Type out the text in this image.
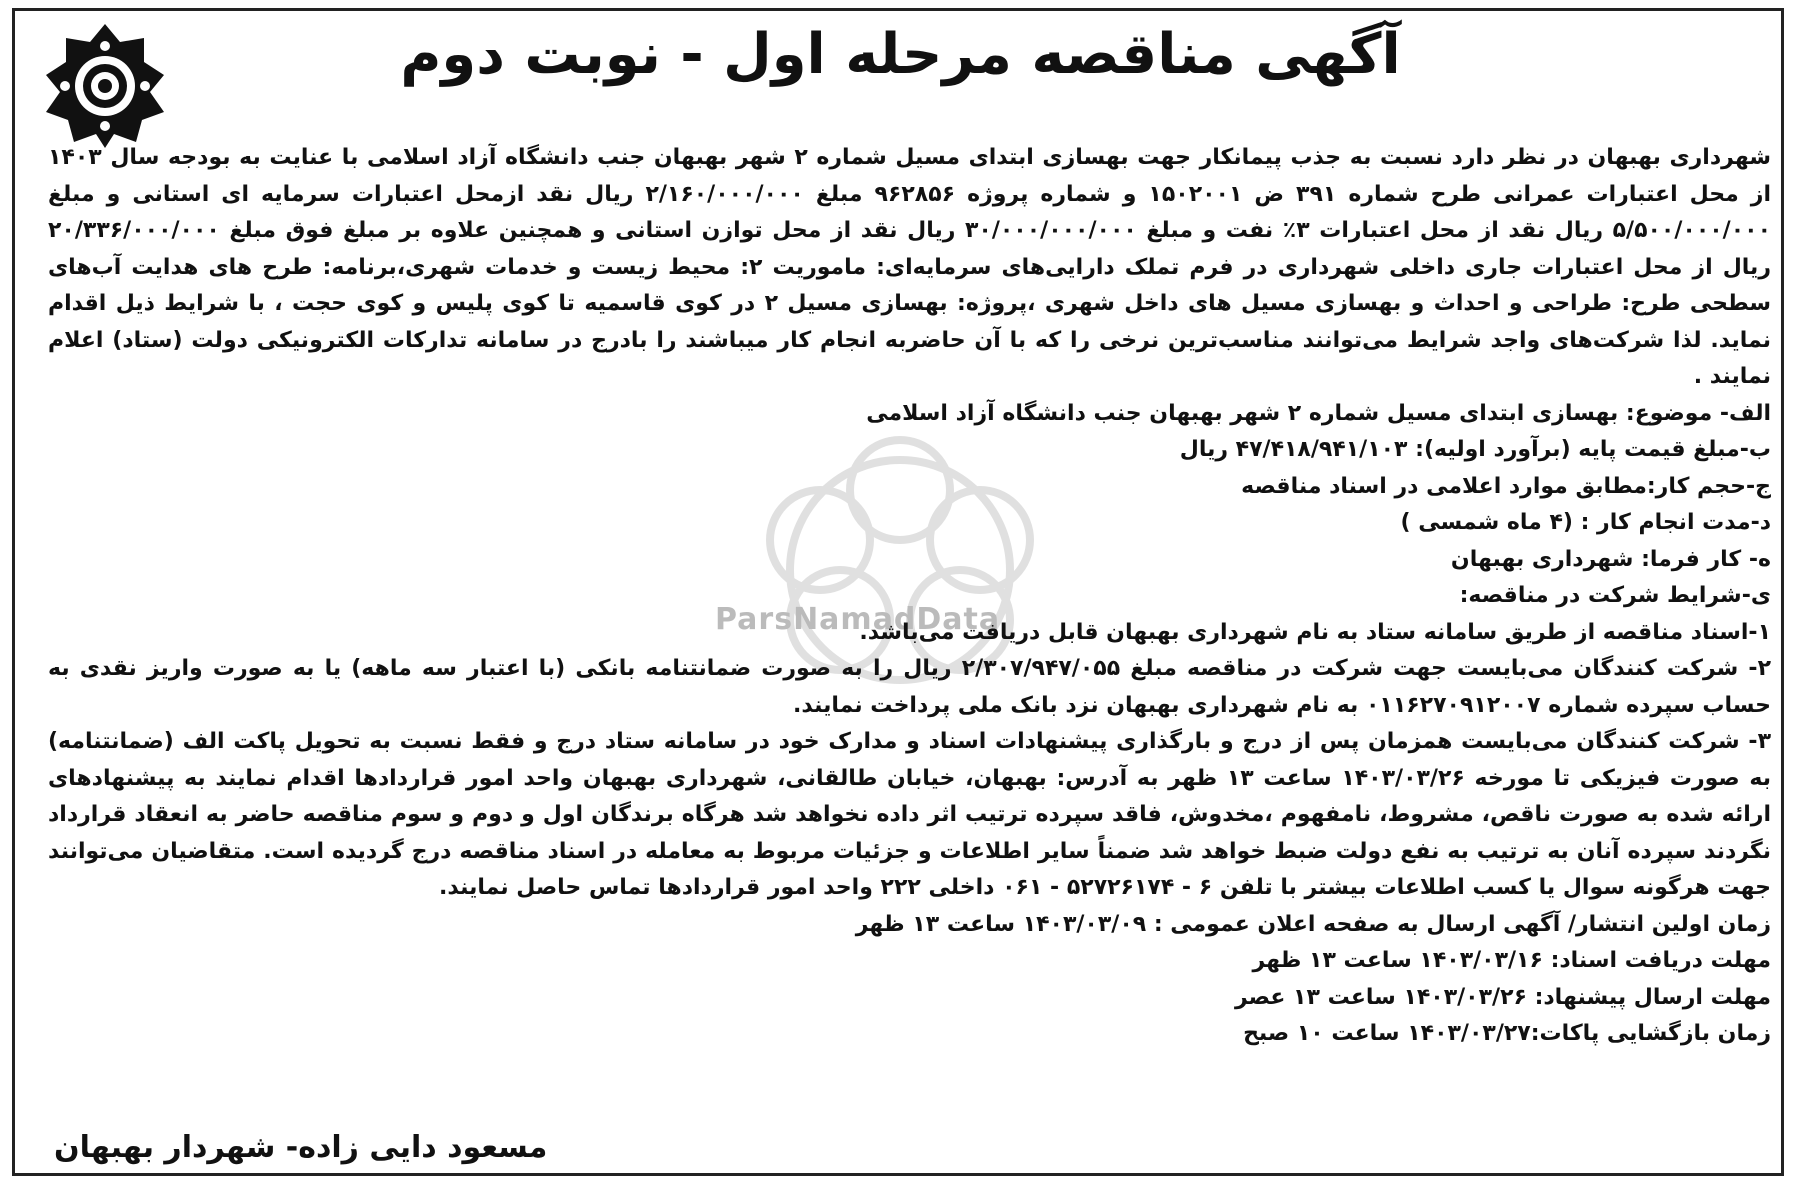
ParsNamadData
آگهی مناقصه مرحله اول - نوبت دوم

شهرداری بهبهان در نظر دارد نسبت به جذب پیمانکار جهت بهسازی ابتدای مسیل شماره ۲ شهر بهبهان جنب دانشگاه آزاد اسلامی با عنایت به بودجه سال ۱۴۰۳ از محل اعتبارات عمرانی طرح شماره ۳۹۱ ض ۱۵۰۲۰۰۱ و شماره پروژه ۹۶۲۸۵۶ مبلغ ۲/۱۶۰/۰۰۰/۰۰۰ ریال نقد ازمحل اعتبارات سرمایه ای استانی و مبلغ ۵/۵۰۰/۰۰۰/۰۰۰ ریال نقد از محل اعتبارات ۳٪ نفت و مبلغ ۳۰/۰۰۰/۰۰۰/۰۰۰ ریال نقد از محل توازن استانی و همچنین علاوه بر مبلغ فوق مبلغ ۲۰/۳۳۶/۰۰۰/۰۰۰ ریال از محل اعتبارات جاری داخلی شهرداری در فرم تملک دارایی‌های سرمایه‌ای: ماموریت ۲: محیط زیست و خدمات شهری،برنامه: طرح های هدایت آب‌های سطحی طرح: طراحی و احداث و بهسازی مسیل های داخل شهری ،پروژه: بهسازی مسیل ۲ در کوی قاسمیه تا کوی پلیس و کوی حجت ، با شرایط ذیل اقدام نماید. لذا شرکت‌های واجد شرایط می‌توانند مناسب‌ترین نرخی را که با آن حاضربه انجام کار میباشند را بادرج در سامانه تدارکات الکترونیکی دولت (ستاد) اعلام نمایند .

الف- موضوع: بهسازی ابتدای مسیل شماره ۲ شهر بهبهان جنب دانشگاه آزاد اسلامی
ب-مبلغ قیمت پایه (برآورد اولیه): ۴۷/۴۱۸/۹۴۱/۱۰۳ ریال
ج-حجم کار:مطابق موارد اعلامی در اسناد مناقصه
د-مدت انجام کار : (۴ ماه شمسی )
ه- کار فرما: شهرداری بهبهان
ی-شرایط شرکت در مناقصه:
۱-اسناد مناقصه از طریق سامانه ستاد به نام شهرداری بهبهان قابل دریافت می‌باشد.

۲- شرکت کنندگان می‌بایست جهت شرکت در مناقصه مبلغ ۲/۳۰۷/۹۴۷/۰۵۵ ریال را به صورت ضمانتنامه بانکی (با اعتبار سه ماهه) یا به صورت واریز نقدی به حساب سپرده شماره ۰۱۱۶۲۷۰۹۱۲۰۰۷ به نام شهرداری بهبهان نزد بانک ملی پرداخت نمایند.

۳- شرکت کنندگان می‌بایست همزمان پس از درج و بارگذاری پیشنهادات اسناد و مدارک خود در سامانه ستاد درج و فقط نسبت به تحویل پاکت الف (ضمانتنامه) به صورت فیزیکی تا مورخه ۱۴۰۳/۰۳/۲۶ ساعت ۱۳ ظهر به آدرس: بهبهان، خیابان طالقانی، شهرداری بهبهان واحد امور قراردادها اقدام نمایند به پیشنهادهای ارائه شده به صورت ناقص، مشروط، نامفهوم ،مخدوش، فاقد سپرده ترتیب اثر داده نخواهد شد هرگاه برندگان اول و دوم و سوم مناقصه حاضر به انعقاد قرارداد نگردند سپرده آنان به ترتیب به نفع دولت ضبط خواهد شد ضمناً سایر اطلاعات و جزئیات مربوط به معامله در اسناد مناقصه درج گردیده است. متقاضیان می‌توانند جهت هرگونه سوال یا کسب اطلاعات بیشتر با تلفن ۶ - ۵۲۷۲۶۱۷۴ - ۰۶۱ داخلی ۲۲۲ واحد امور قراردادها تماس حاصل نمایند.

زمان اولین انتشار/ آگهی ارسال به صفحه اعلان عمومی : ۱۴۰۳/۰۳/۰۹ ساعت ۱۳ ظهر
مهلت دریافت اسناد: ۱۴۰۳/۰۳/۱۶ ساعت ۱۳ ظهر
مهلت ارسال پیشنهاد: ۱۴۰۳/۰۳/۲۶ ساعت ۱۳ عصر
زمان بازگشایی پاکات:۱۴۰۳/۰۳/۲۷ ساعت ۱۰ صبح
مسعود دایی زاده- شهردار بهبهان
